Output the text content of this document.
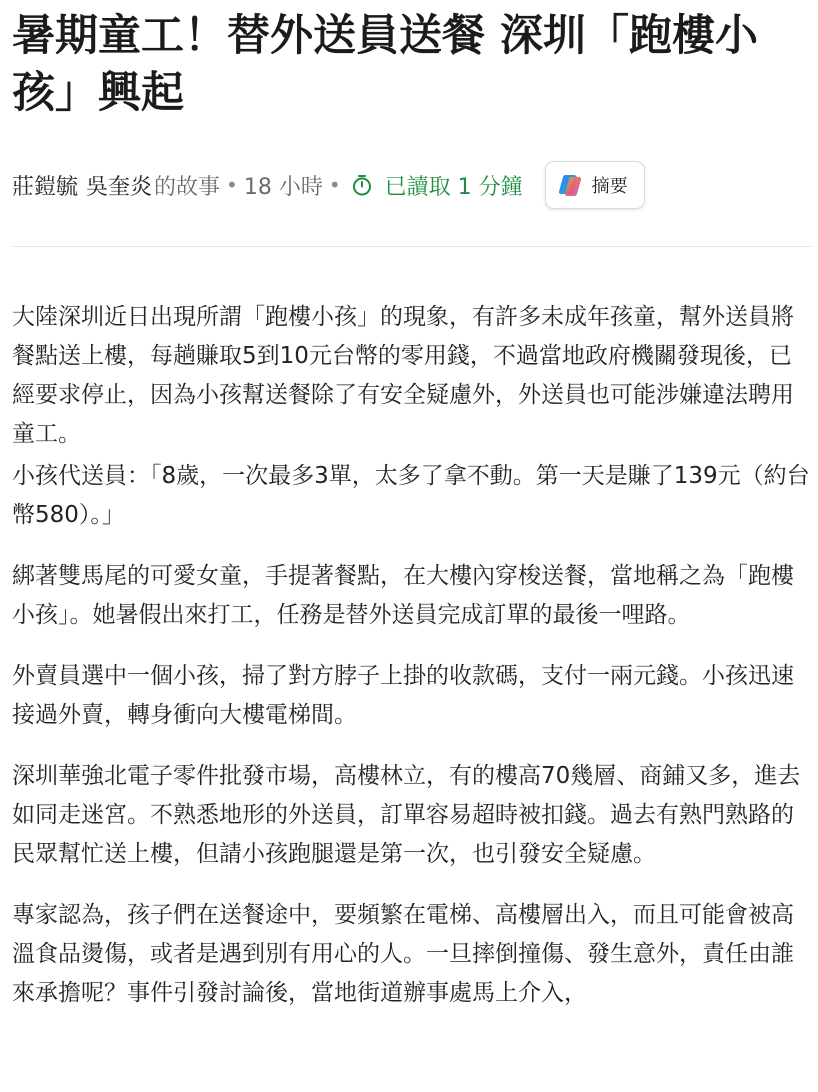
暑期童工！替外送員送餐 深圳「跑樓小孩」興起
莊鎧毓 吳奎炎 的故事 • 18 小時 • 已讀取 1 分鐘	摘要

大陸深圳近日出現所謂「跑樓小孩」的現象，有許多未成年孩童，幫外送員將餐點送上樓，每趟賺取5到10元台幣的零用錢，不過當地政府機關發現後，已經要求停止，因為小孩幫送餐除了有安全疑慮外，外送員也可能涉嫌違法聘用童工。

小孩代送員：「8歲，一次最多3單，太多了拿不動。第一天是賺了139元（約台幣580）。」

綁著雙馬尾的可愛女童，手提著餐點，在大樓內穿梭送餐，當地稱之為「跑樓小孩」。她暑假出來打工，任務是替外送員完成訂單的最後一哩路。

外賣員選中一個小孩，掃了對方脖子上掛的收款碼，支付一兩元錢。小孩迅速接過外賣，轉身衝向大樓電梯間。

深圳華強北電子零件批發市場，高樓林立，有的樓高70幾層、商鋪又多，進去如同走迷宮。不熟悉地形的外送員，訂單容易超時被扣錢。過去有熟門熟路的民眾幫忙送上樓，但請小孩跑腿還是第一次，也引發安全疑慮。

專家認為，孩子們在送餐途中，要頻繁在電梯、高樓層出入，而且可能會被高溫食品燙傷，或者是遇到別有用心的人。一旦摔倒撞傷、發生意外，責任由誰來承擔呢？事件引發討論後，當地街道辦事處馬上介入，
